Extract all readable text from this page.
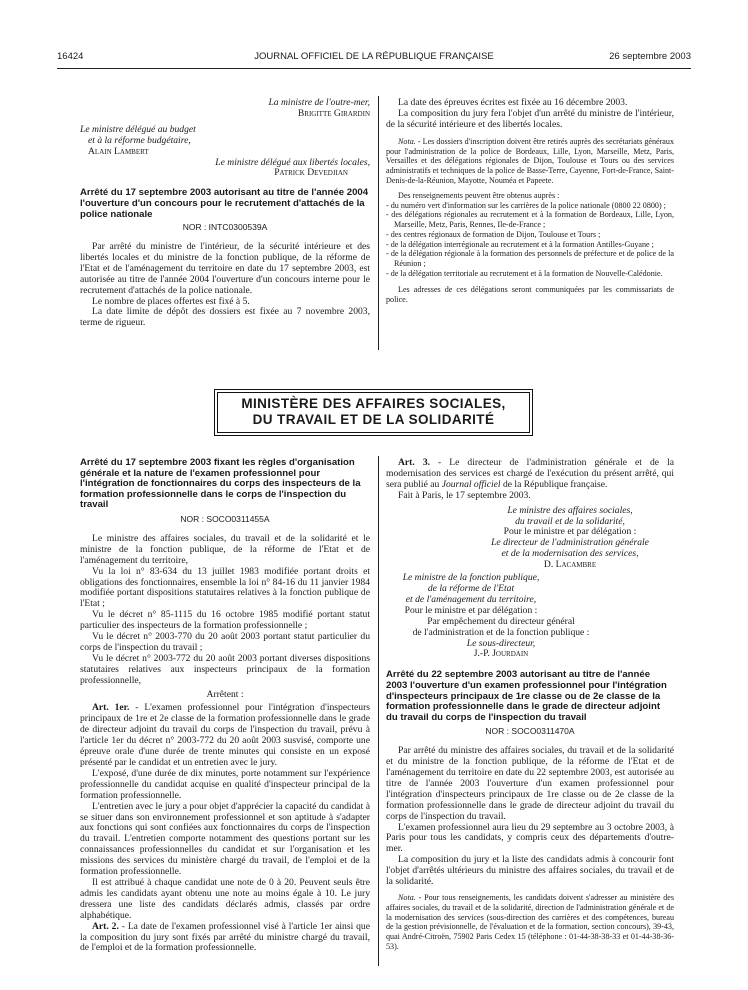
16424	JOURNAL OFFICIEL DE LA RÉPUBLIQUE FRANÇAISE	26 septembre 2003
La ministre de l'outre-mer,
Brigitte Girardin
Le ministre délégué au budget
et à la réforme budgétaire,
Alain Lambert
Le ministre délégué aux libertés locales,
Patrick Devedjian
Arrêté du 17 septembre 2003 autorisant au titre de l'année 2004 l'ouverture d'un concours pour le recrutement d'attachés de la police nationale
NOR : INTC0300539A

Par arrêté du ministre de l'intérieur, de la sécurité intérieure et des libertés locales et du ministre de la fonction publique, de la réforme de l'Etat et de l'aménagement du territoire en date du 17 septembre 2003, est autorisée au titre de l'année 2004 l'ouverture d'un concours interne pour le recrutement d'attachés de la police nationale.

Le nombre de places offertes est fixé à 5.

La date limite de dépôt des dossiers est fixée au 7 novembre 2003, terme de rigueur.

La date des épreuves écrites est fixée au 16 décembre 2003.

La composition du jury fera l'objet d'un arrêté du ministre de l'intérieur, de la sécurité intérieure et des libertés locales.

Nota. - Les dossiers d'inscription doivent être retirés auprès des secrétariats généraux pour l'administration de la police de Bordeaux, Lille, Lyon, Marseille, Metz, Paris, Versailles et des délégations régionales de Dijon, Toulouse et Tours ou des services administratifs et techniques de la police de Basse-Terre, Cayenne, Fort-de-France, Saint-Denis-de-la-Réunion, Mayotte, Nouméa et Papeete.

Des renseignements peuvent être obtenus auprès :

- du numéro vert d'information sur les carrières de la police nationale (0800 22 0800) ;
- des délégations régionales au recrutement et à la formation de Bordeaux, Lille, Lyon, Marseille, Metz, Paris, Rennes, Ile-de-France ;
- des centres régionaux de formation de Dijon, Toulouse et Tours ;
- de la délégation interrégionale au recrutement et à la formation Antilles-Guyane ;
- de la délégation régionale à la formation des personnels de préfecture et de police de la Réunion ;
- de la délégation territoriale au recrutement et à la formation de Nouvelle-Calédonie.

Les adresses de ces délégations seront communiquées par les commissariats de police.

MINISTÈRE DES AFFAIRES SOCIALES,
DU TRAVAIL ET DE LA SOLIDARITÉ
Arrêté du 17 septembre 2003 fixant les règles d'organisation générale et la nature de l'examen professionnel pour l'intégration de fonctionnaires du corps des inspecteurs de la formation professionnelle dans le corps de l'inspection du travail
NOR : SOCO0311455A

Le ministre des affaires sociales, du travail et de la solidarité et le ministre de la fonction publique, de la réforme de l'Etat et de l'aménagement du territoire,

Vu la loi n° 83-634 du 13 juillet 1983 modifiée portant droits et obligations des fonctionnaires, ensemble la loi n° 84-16 du 11 janvier 1984 modifiée portant dispositions statutaires relatives à la fonction publique de l'Etat ;

Vu le décret n° 85-1115 du 16 octobre 1985 modifié portant statut particulier des inspecteurs de la formation professionnelle ;

Vu le décret n° 2003-770 du 20 août 2003 portant statut particulier du corps de l'inspection du travail ;

Vu le décret n° 2003-772 du 20 août 2003 portant diverses dispositions statutaires relatives aux inspecteurs principaux de la formation professionnelle,

Arrêtent :

Art. 1er. - L'examen professionnel pour l'intégration d'inspecteurs principaux de 1re et 2e classe de la formation professionnelle dans le grade de directeur adjoint du travail du corps de l'inspection du travail, prévu à l'article 1er du décret n° 2003-772 du 20 août 2003 susvisé, comporte une épreuve orale d'une durée de trente minutes qui consiste en un exposé présenté par le candidat et un entretien avec le jury.

L'exposé, d'une durée de dix minutes, porte notamment sur l'expérience professionnelle du candidat acquise en qualité d'inspecteur principal de la formation professionnelle.

L'entretien avec le jury a pour objet d'apprécier la capacité du candidat à se situer dans son environnement professionnel et son aptitude à s'adapter aux fonctions qui sont confiées aux fonctionnaires du corps de l'inspection du travail. L'entretien comporte notamment des questions portant sur les connaissances professionnelles du candidat et sur l'organisation et les missions des services du ministère chargé du travail, de l'emploi et de la formation professionnelle.

Il est attribué à chaque candidat une note de 0 à 20. Peuvent seuls être admis les candidats ayant obtenu une note au moins égale à 10. Le jury dressera une liste des candidats déclarés admis, classés par ordre alphabétique.

Art. 2. - La date de l'examen professionnel visé à l'article 1er ainsi que la composition du jury sont fixés par arrêté du ministre chargé du travail, de l'emploi et de la formation professionnelle.

Art. 3. - Le directeur de l'administration générale et de la modernisation des services est chargé de l'exécution du présent arrêté, qui sera publié au Journal officiel de la République française.

Fait à Paris, le 17 septembre 2003.

Le ministre des affaires sociales,
du travail et de la solidarité,
Pour le ministre et par délégation :
Le directeur de l'administration générale
et de la modernisation des services,
D. Lacambre
Le ministre de la fonction publique,
de la réforme de l'Etat
et de l'aménagement du territoire,
Pour le ministre et par délégation :
Par empêchement du directeur général
de l'administration et de la fonction publique :
Le sous-directeur,
J.-P. Jourdain
Arrêté du 22 septembre 2003 autorisant au titre de l'année 2003 l'ouverture d'un examen professionnel pour l'intégration d'inspecteurs principaux de 1re classe ou de 2e classe de la formation professionnelle dans le grade de directeur adjoint du travail du corps de l'inspection du travail
NOR : SOCO0311470A

Par arrêté du ministre des affaires sociales, du travail et de la solidarité et du ministre de la fonction publique, de la réforme de l'Etat et de l'aménagement du territoire en date du 22 septembre 2003, est autorisée au titre de l'année 2003 l'ouverture d'un examen professionnel pour l'intégration d'inspecteurs principaux de 1re classe ou de 2e classe de la formation professionnelle dans le grade de directeur adjoint du travail du corps de l'inspection du travail.

L'examen professionnel aura lieu du 29 septembre au 3 octobre 2003, à Paris pour tous les candidats, y compris ceux des départements d'outre-mer.

La composition du jury et la liste des candidats admis à concourir font l'objet d'arrêtés ultérieurs du ministre des affaires sociales, du travail et de la solidarité.

Nota. - Pour tous renseignements, les candidats doivent s'adresser au ministère des affaires sociales, du travail et de la solidarité, direction de l'administration générale et de la modernisation des services (sous-direction des carrières et des compétences, bureau de la gestion prévisionnelle, de l'évaluation et de la formation, section concours), 39-43, quai André-Citroën, 75902 Paris Cedex 15 (téléphone : 01-44-38-38-33 et 01-44-38-36-53).
